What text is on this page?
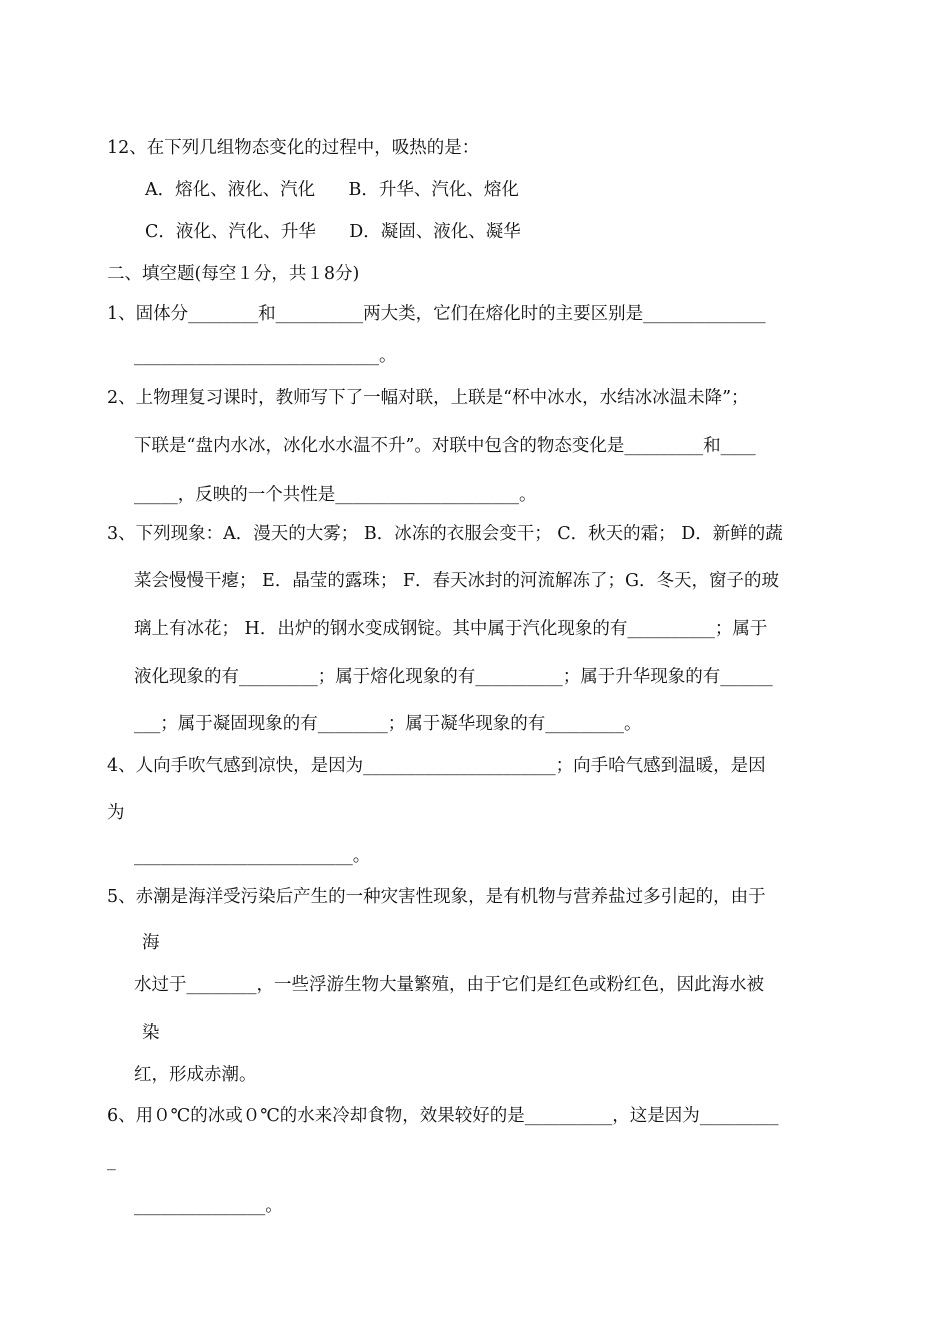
12、在下列几组物态变化的过程中，吸热的是：
A．熔化、液化、汽化      B．升华、汽化、熔化
C．液化、汽化、升华      D．凝固、液化、凝华
二、填空题(每空１分，共１8分)
1、固体分________和__________两大类，它们在熔化时的主要区别是______________
____________________________。
2、上物理复习课时，教师写下了一幅对联，上联是“杯中冰水，水结冰冰温未降”；
下联是“盘内水冰，冰化水水温不升”。对联中包含的物态变化是_________和____
_____，反映的一个共性是_____________________。
3、下列现象：A．漫天的大雾； B．冰冻的衣服会变干； C．秋天的霜； D．新鲜的蔬
菜会慢慢干瘪； E．晶莹的露珠； F．春天冰封的河流解冻了；G．冬天，窗子的玻
璃上有冰花； H．出炉的钢水变成钢锭。其中属于汽化现象的有__________；属于
液化现象的有_________；属于熔化现象的有__________；属于升华现象的有______
___；属于凝固现象的有________；属于凝华现象的有_________。
4、人向手吹气感到凉快，是因为______________________；向手哈气感到温暖，是因
为
_________________________。
5、赤潮是海洋受污染后产生的一种灾害性现象，是有机物与营养盐过多引起的，由于
海
水过于________，一些浮游生物大量繁殖，由于它们是红色或粉红色，因此海水被
染
红，形成赤潮。
6、用０℃的冰或０℃的水来冷却食物，效果较好的是__________，这是因为_________
_
_______________。
